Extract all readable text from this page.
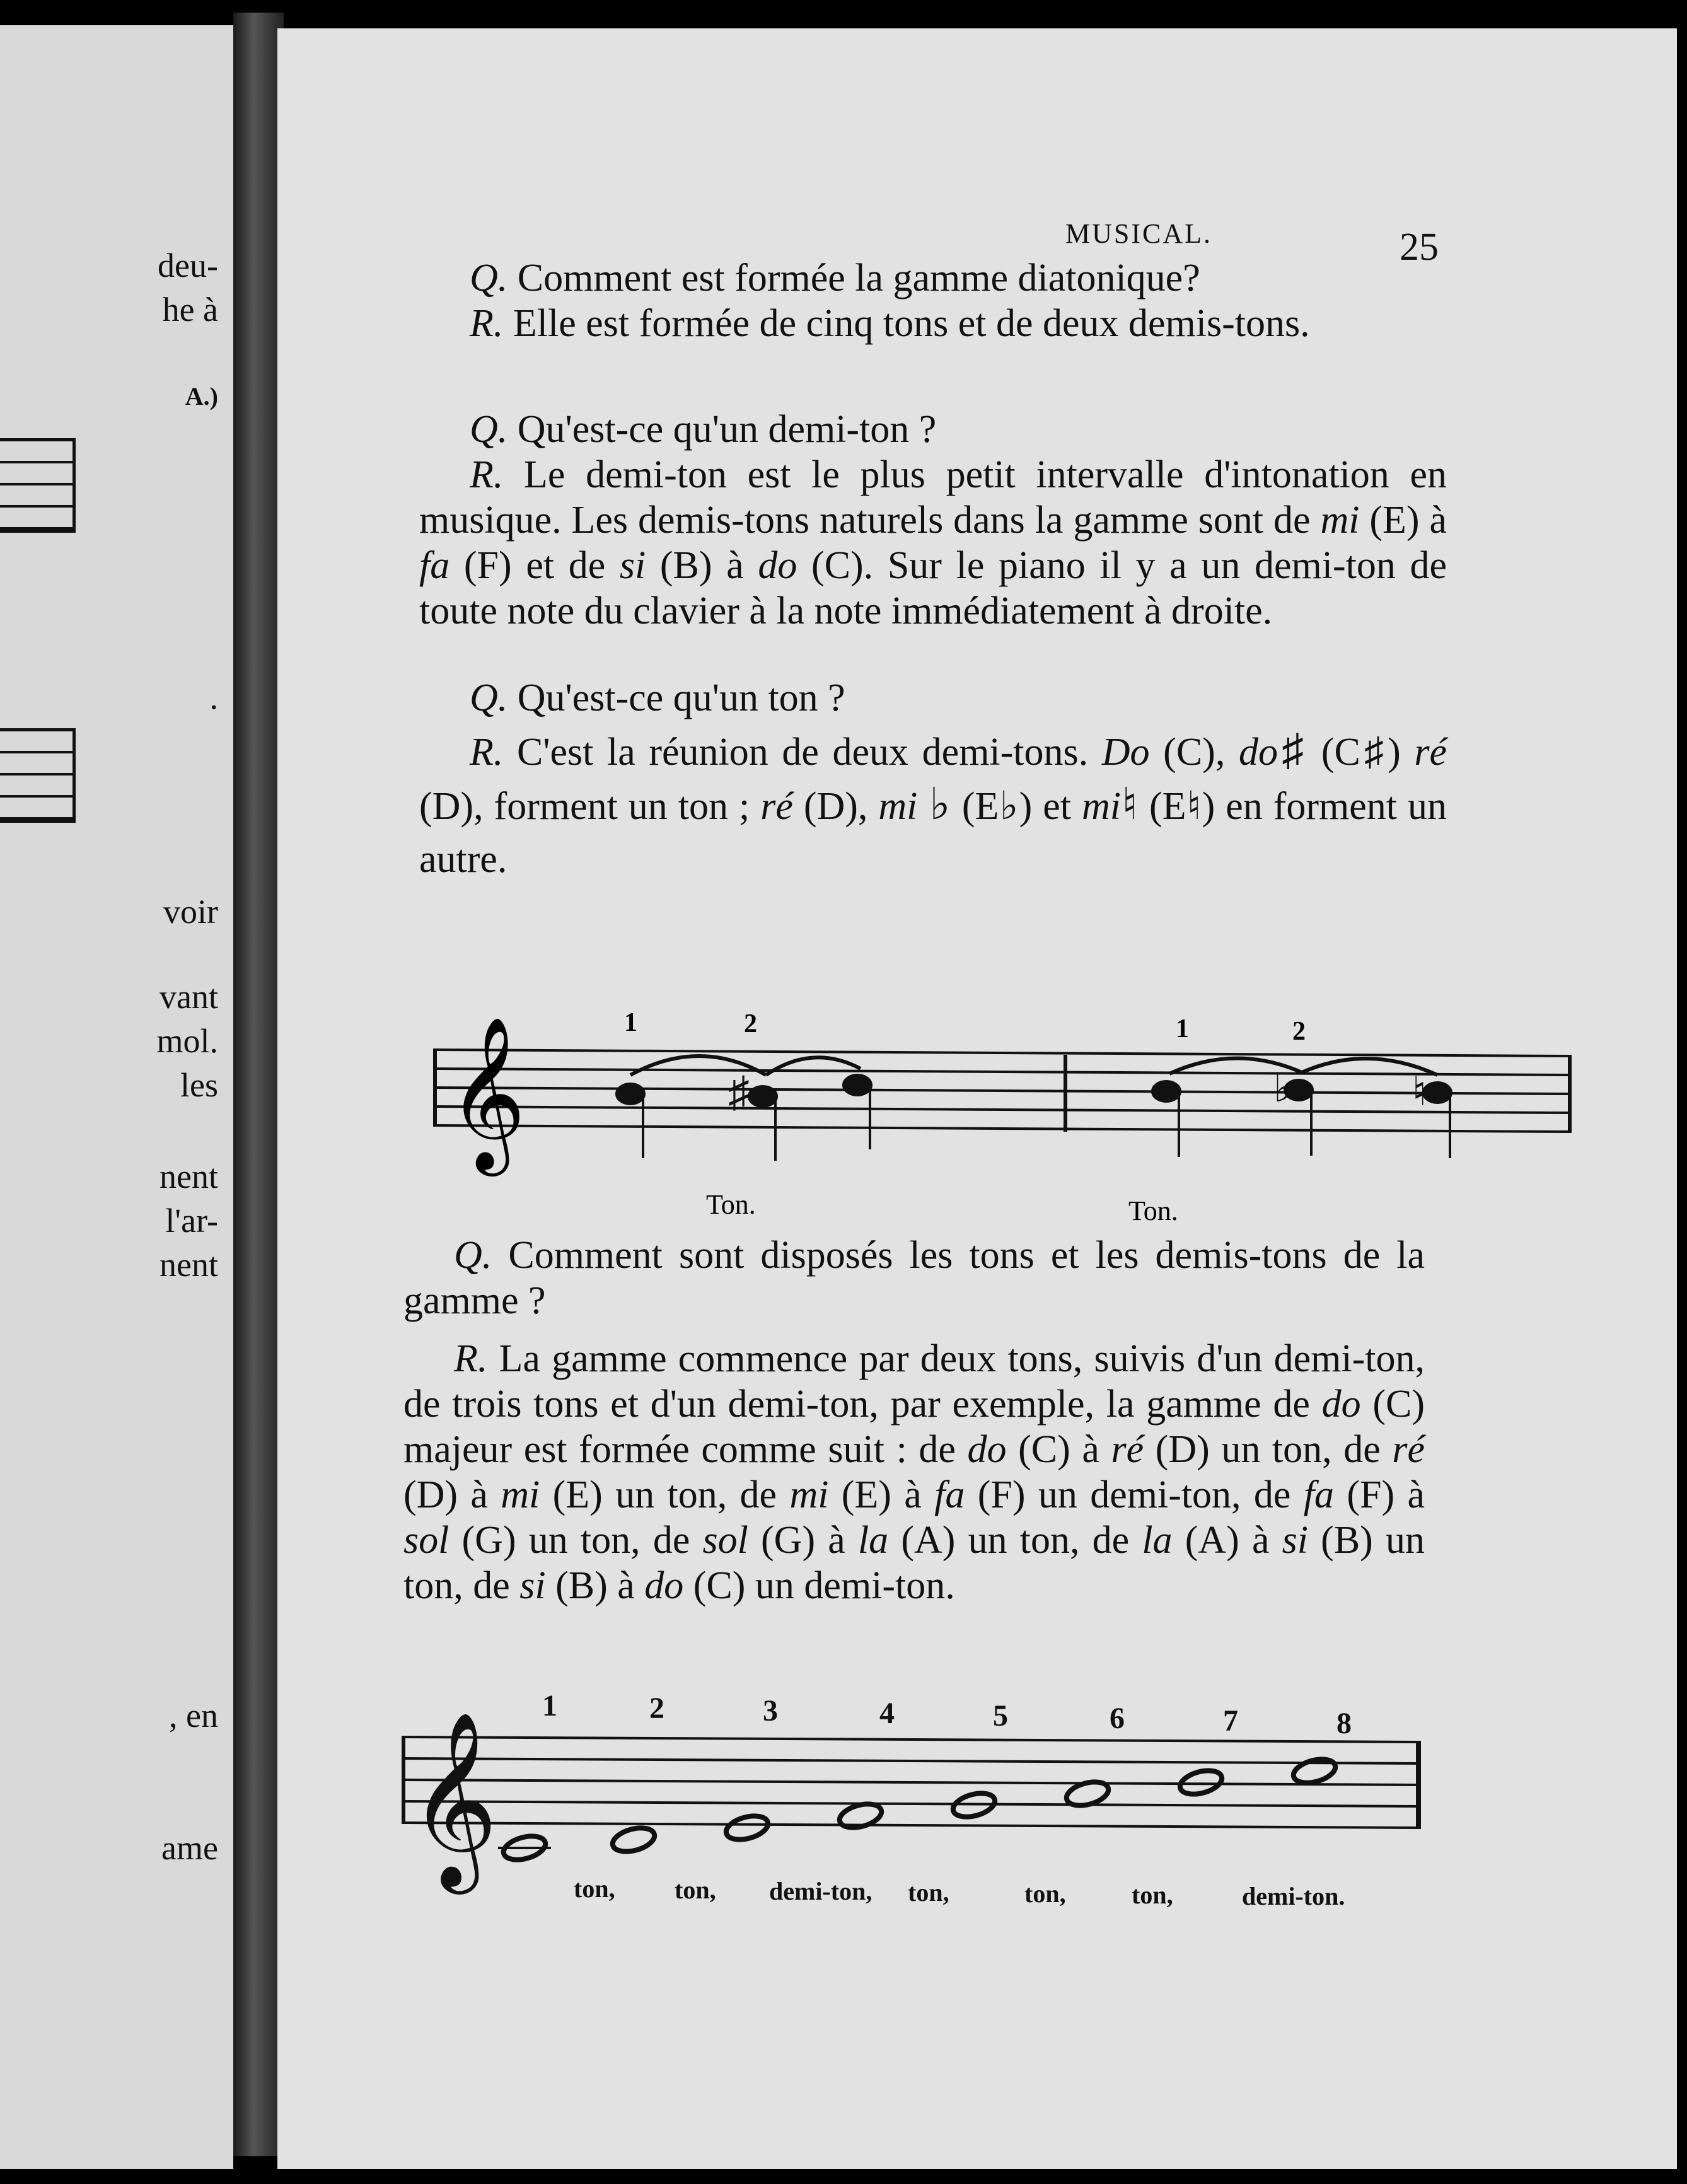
deu-
he à
A.)
.
voir
vant
mol.
les
nent
l'ar-
nent
, en
ame
MUSICAL.	25

Q. Comment est formée la gamme diatonique?

R. Elle est formée de cinq tons et de deux demis-tons.

Q. Qu'est-ce qu'un demi-ton ?

R. Le demi-ton est le plus petit intervalle d'intonation en musique. Les demis-tons naturels dans la gamme sont de mi (E) à fa (F) et de si (B) à do (C). Sur le piano il y a un demi-ton de toute note du clavier à la note immédiatement à droite.

Q. Qu'est-ce qu'un ton ?

R. C'est la réunion de deux demi-tons. Do (C), do♯ (C♯) ré (D), forment un ton ; ré (D), mi ♭ (E♭) et mi♮ (E♮) en forment un autre.

𝄞	♯	♭	♮
1	2	1	2
Ton.	Ton.

Q. Comment sont disposés les tons et les demis-tons de la gamme ?

R. La gamme commence par deux tons, suivis d'un demi-ton, de trois tons et d'un demi-ton, par exemple, la gamme de do (C) majeur est formée comme suit : de do (C) à ré (D) un ton, de ré (D) à mi (E) un ton, de mi (E) à fa (F) un demi-ton, de fa (F) à sol (G) un ton, de sol (G) à la (A) un ton, de la (A) à si (B) un ton, de si (B) à do (C) un demi-ton.

𝄞
1	2	3	4	5	6	7	8
ton, ton, demi-ton, ton,	ton,	ton,	demi-ton.
